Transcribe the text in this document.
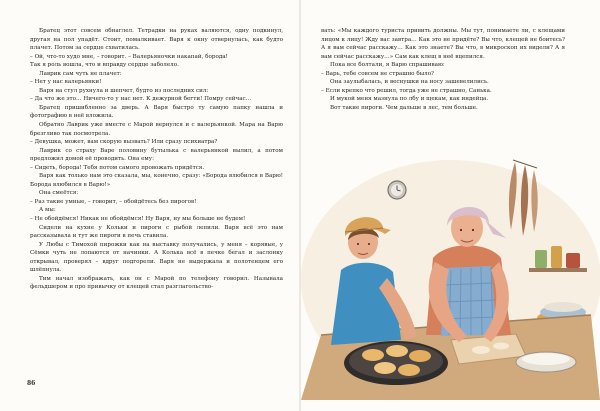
Братец этот совсем обнаглел. Тетрадки на руках валяются, одну подкинул, другая на пол упадёт. Стоит, помалкивает. Варя к окну отвернулась, как будто плачет. Потом за сердце схватилась.

– Ой, что-то худо мне, – говорит. – Валерьяночки накапай, борода!

Так я роль вошла, что и вправду сердце заболело.

Лаврик сам чуть не плачет:

– Нет у нас валерьянки!

Варя на стул рухнула и шепчет, будто из последних сил:

– Да что же это… Ничего-то у нас нет. К дежурной бегти! Помру сейчас…

Братец пришибленно за дверь. А Варя быстро ту самую папку нашла и фотографию в неё вложила.

Обратно Лаврик уже вместе с Марой вернулся и с валерьянкой. Мара на Варю брезгливо так посмотрела.

– Девушка, может, вам скорую вызвать? Или сразу психиатра?

Лаврик со страху Варе половину бутылька с валерьянкой вылил, а потом предложил домой её проводить. Она ему:

– Сидеть, борода! Тебя потом самого провожать придётся.

Варя как только нам это сказала, мы, конечно, сразу: «Борода влюбился в Варю! Борода влюбился в Варю!»

Она смеётся:

– Раз такие умные, – говорит, – обойдётесь без пирогов!

А мы:

– Не обойдёмся! Никак не обойдёмся! Ну Варя, ну мы больше не будем!

Сидели на кухне у Кольки и пироги с рыбой лепили. Варя всё это нам рассказывала и тут же пироги в печь ставила.

У Любы с Тимохой пирожки как на выставку получались, у меня – корявые, у Сёмки чуть не лопаются от начинки. А Колька всё в печке бегал и заслонку открывал, проверял – вдруг подгорели. Варя не выдержала и полотенцем его шлёпнула.

Тим начал изображать, как он с Марой по телефону говорил. Называла фельдшером и про привычку от клещей стал разглагольство-

вать: «Мы каждого туриста привить должны. Мы тут, понимаете ли, с клещами лицом к лицу! Жду вас завтра… Как это не придёте? Вы что, клещей не боитесь? А я вам сейчас расскажу… Как это знаете? Вы что, в микроскоп их видели? А я вам сейчас расскажу…» Сам как клещ в неё вцепился.

Пока все болтали, я Варю спрашиваю:

– Варь, тебе совсем не страшно было?

Она заулыбалась, и веснушки на носу зашевелились.

– Если крепко что решил, тогда уже не страшно, Санька.

И мукой меня мазнула по лбу и щекам, как индейца.

Вот такие пироги. Чем дальше в лес, тем больше.

86
